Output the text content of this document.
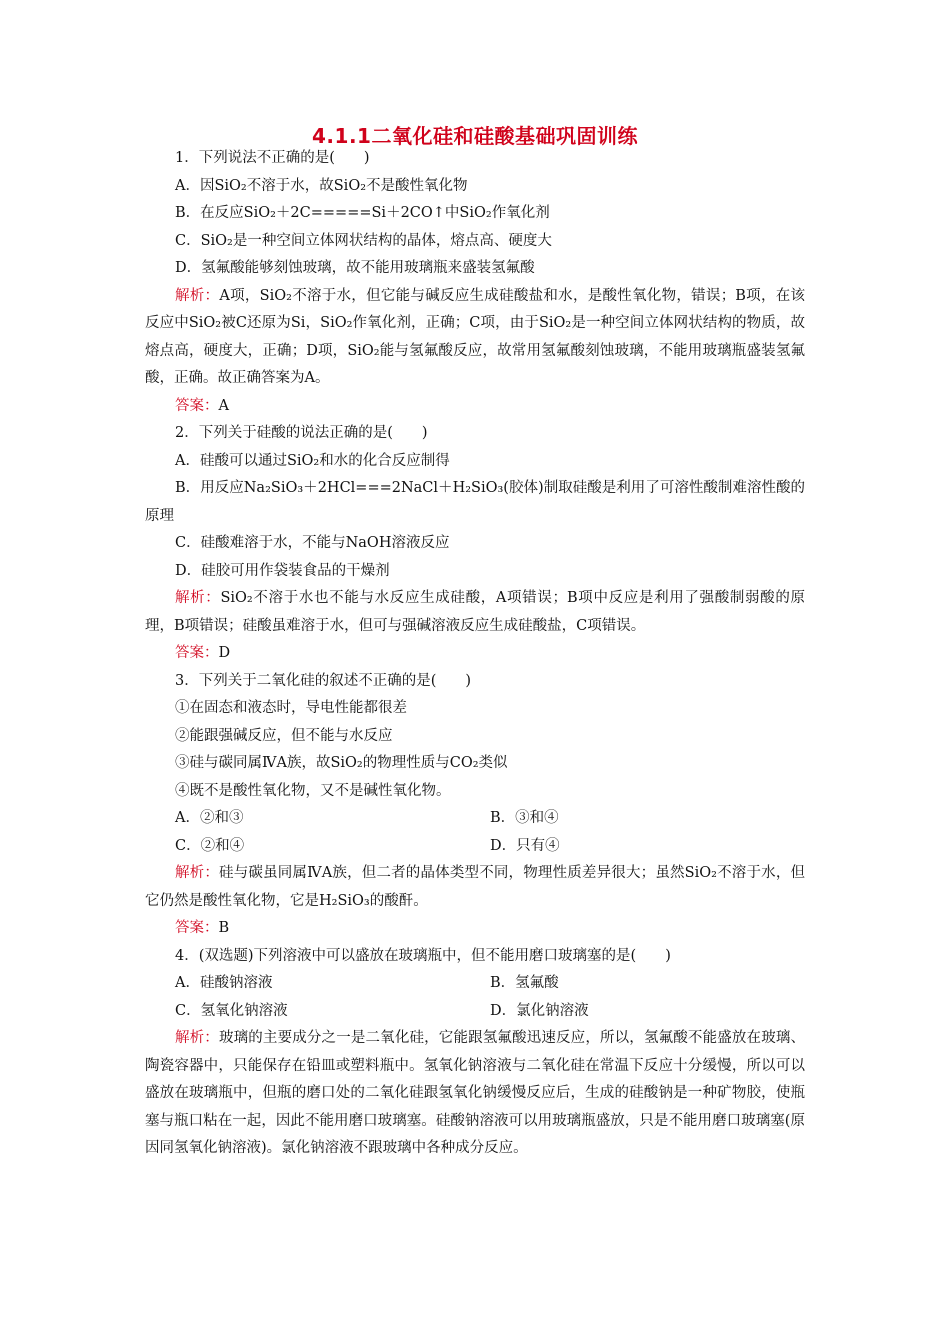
4.1.1二氧化硅和硅酸基础巩固训练
1．下列说法不正确的是(　　)
A．因SiO₂不溶于水，故SiO₂不是酸性氧化物
B．在反应SiO₂＋2C=====Si＋2CO↑中SiO₂作氧化剂
C．SiO₂是一种空间立体网状结构的晶体，熔点高、硬度大
D．氢氟酸能够刻蚀玻璃，故不能用玻璃瓶来盛装氢氟酸
解析：A项，SiO₂不溶于水，但它能与碱反应生成硅酸盐和水，是酸性氧化物，错误；B项，在该反应中SiO₂被C还原为Si，SiO₂作氧化剂，正确；C项，由于SiO₂是一种空间立体网状结构的物质，故熔点高，硬度大，正确；D项，SiO₂能与氢氟酸反应，故常用氢氟酸刻蚀玻璃，不能用玻璃瓶盛装氢氟酸，正确。故正确答案为A。
答案：A
2．下列关于硅酸的说法正确的是(　　)
A．硅酸可以通过SiO₂和水的化合反应制得
B．用反应Na₂SiO₃＋2HCl===2NaCl＋H₂SiO₃(胶体)制取硅酸是利用了可溶性酸制难溶性酸的原理
C．硅酸难溶于水，不能与NaOH溶液反应
D．硅胶可用作袋装食品的干燥剂
解析：SiO₂不溶于水也不能与水反应生成硅酸，A项错误；B项中反应是利用了强酸制弱酸的原理，B项错误；硅酸虽难溶于水，但可与强碱溶液反应生成硅酸盐，C项错误。
答案：D
3．下列关于二氧化硅的叙述不正确的是(　　)
①在固态和液态时，导电性能都很差
②能跟强碱反应，但不能与水反应
③硅与碳同属ⅣA族，故SiO₂的物理性质与CO₂类似
④既不是酸性氧化物，又不是碱性氧化物。
A．②和③	B．③和④
C．②和④	D．只有④
解析：硅与碳虽同属ⅣA族，但二者的晶体类型不同，物理性质差异很大；虽然SiO₂不溶于水，但它仍然是酸性氧化物，它是H₂SiO₃的酸酐。
答案：B
4．(双选题)下列溶液中可以盛放在玻璃瓶中，但不能用磨口玻璃塞的是(　　)
A．硅酸钠溶液	B．氢氟酸
C．氢氧化钠溶液	D．氯化钠溶液
解析：玻璃的主要成分之一是二氧化硅，它能跟氢氟酸迅速反应，所以，氢氟酸不能盛放在玻璃、陶瓷容器中，只能保存在铅皿或塑料瓶中。氢氧化钠溶液与二氧化硅在常温下反应十分缓慢，所以可以盛放在玻璃瓶中，但瓶的磨口处的二氧化硅跟氢氧化钠缓慢反应后，生成的硅酸钠是一种矿物胶，使瓶塞与瓶口粘在一起，因此不能用磨口玻璃塞。硅酸钠溶液可以用玻璃瓶盛放，只是不能用磨口玻璃塞(原因同氢氧化钠溶液)。氯化钠溶液不跟玻璃中各种成分反应。
